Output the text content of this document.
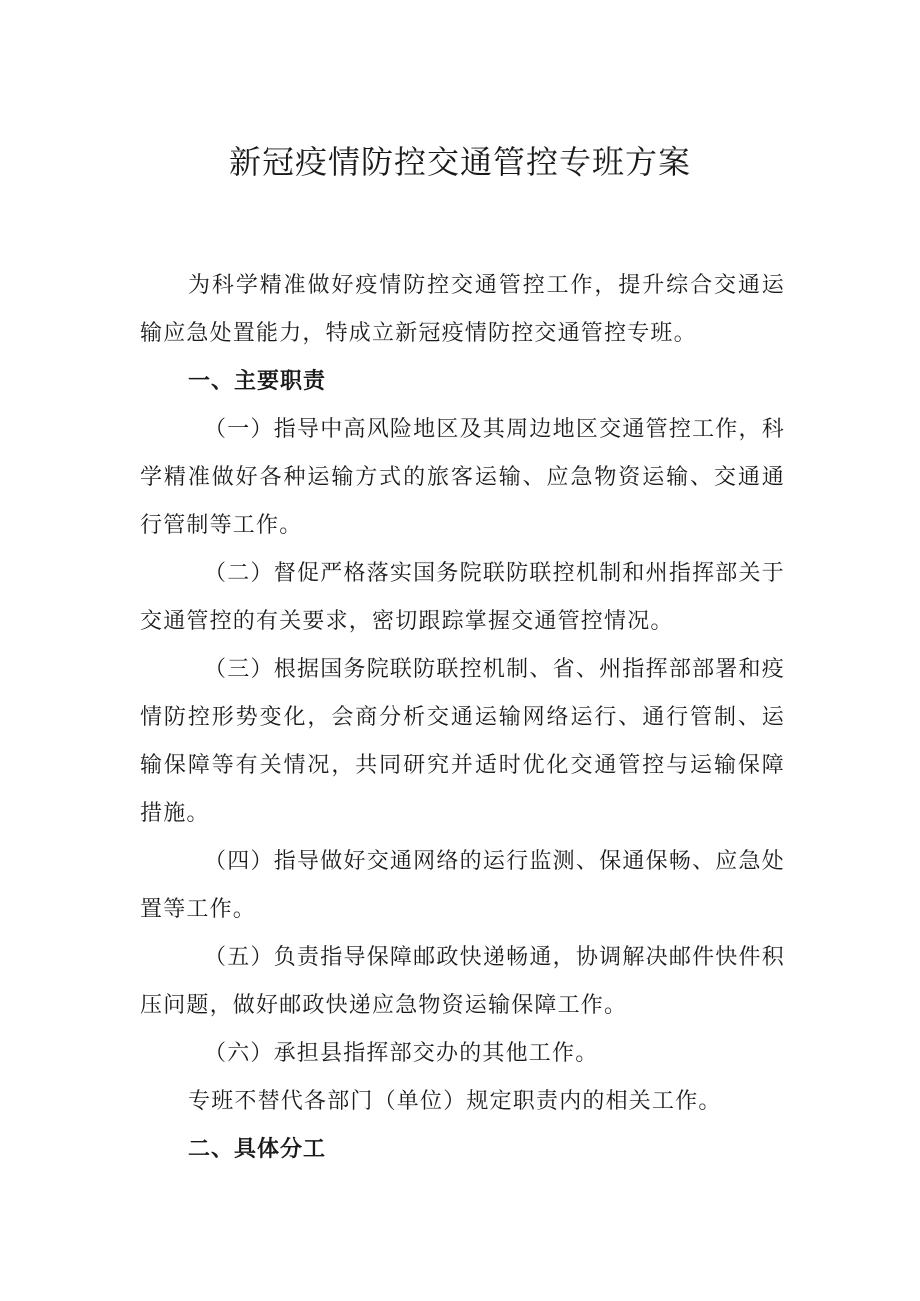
新冠疫情防控交通管控专班方案

为科学精准做好疫情防控交通管控工作，提升综合交通运输应急处置能力，特成立新冠疫情防控交通管控专班。

一、主要职责

（一）指导中高风险地区及其周边地区交通管控工作，科学精准做好各种运输方式的旅客运输、应急物资运输、交通通行管制等工作。

（二）督促严格落实国务院联防联控机制和州指挥部关于交通管控的有关要求，密切跟踪掌握交通管控情况。

（三）根据国务院联防联控机制、省、州指挥部部署和疫情防控形势变化，会商分析交通运输网络运行、通行管制、运输保障等有关情况，共同研究并适时优化交通管控与运输保障措施。

（四）指导做好交通网络的运行监测、保通保畅、应急处置等工作。

（五）负责指导保障邮政快递畅通，协调解决邮件快件积压问题，做好邮政快递应急物资运输保障工作。

（六）承担县指挥部交办的其他工作。

专班不替代各部门（单位）规定职责内的相关工作。

二、具体分工
